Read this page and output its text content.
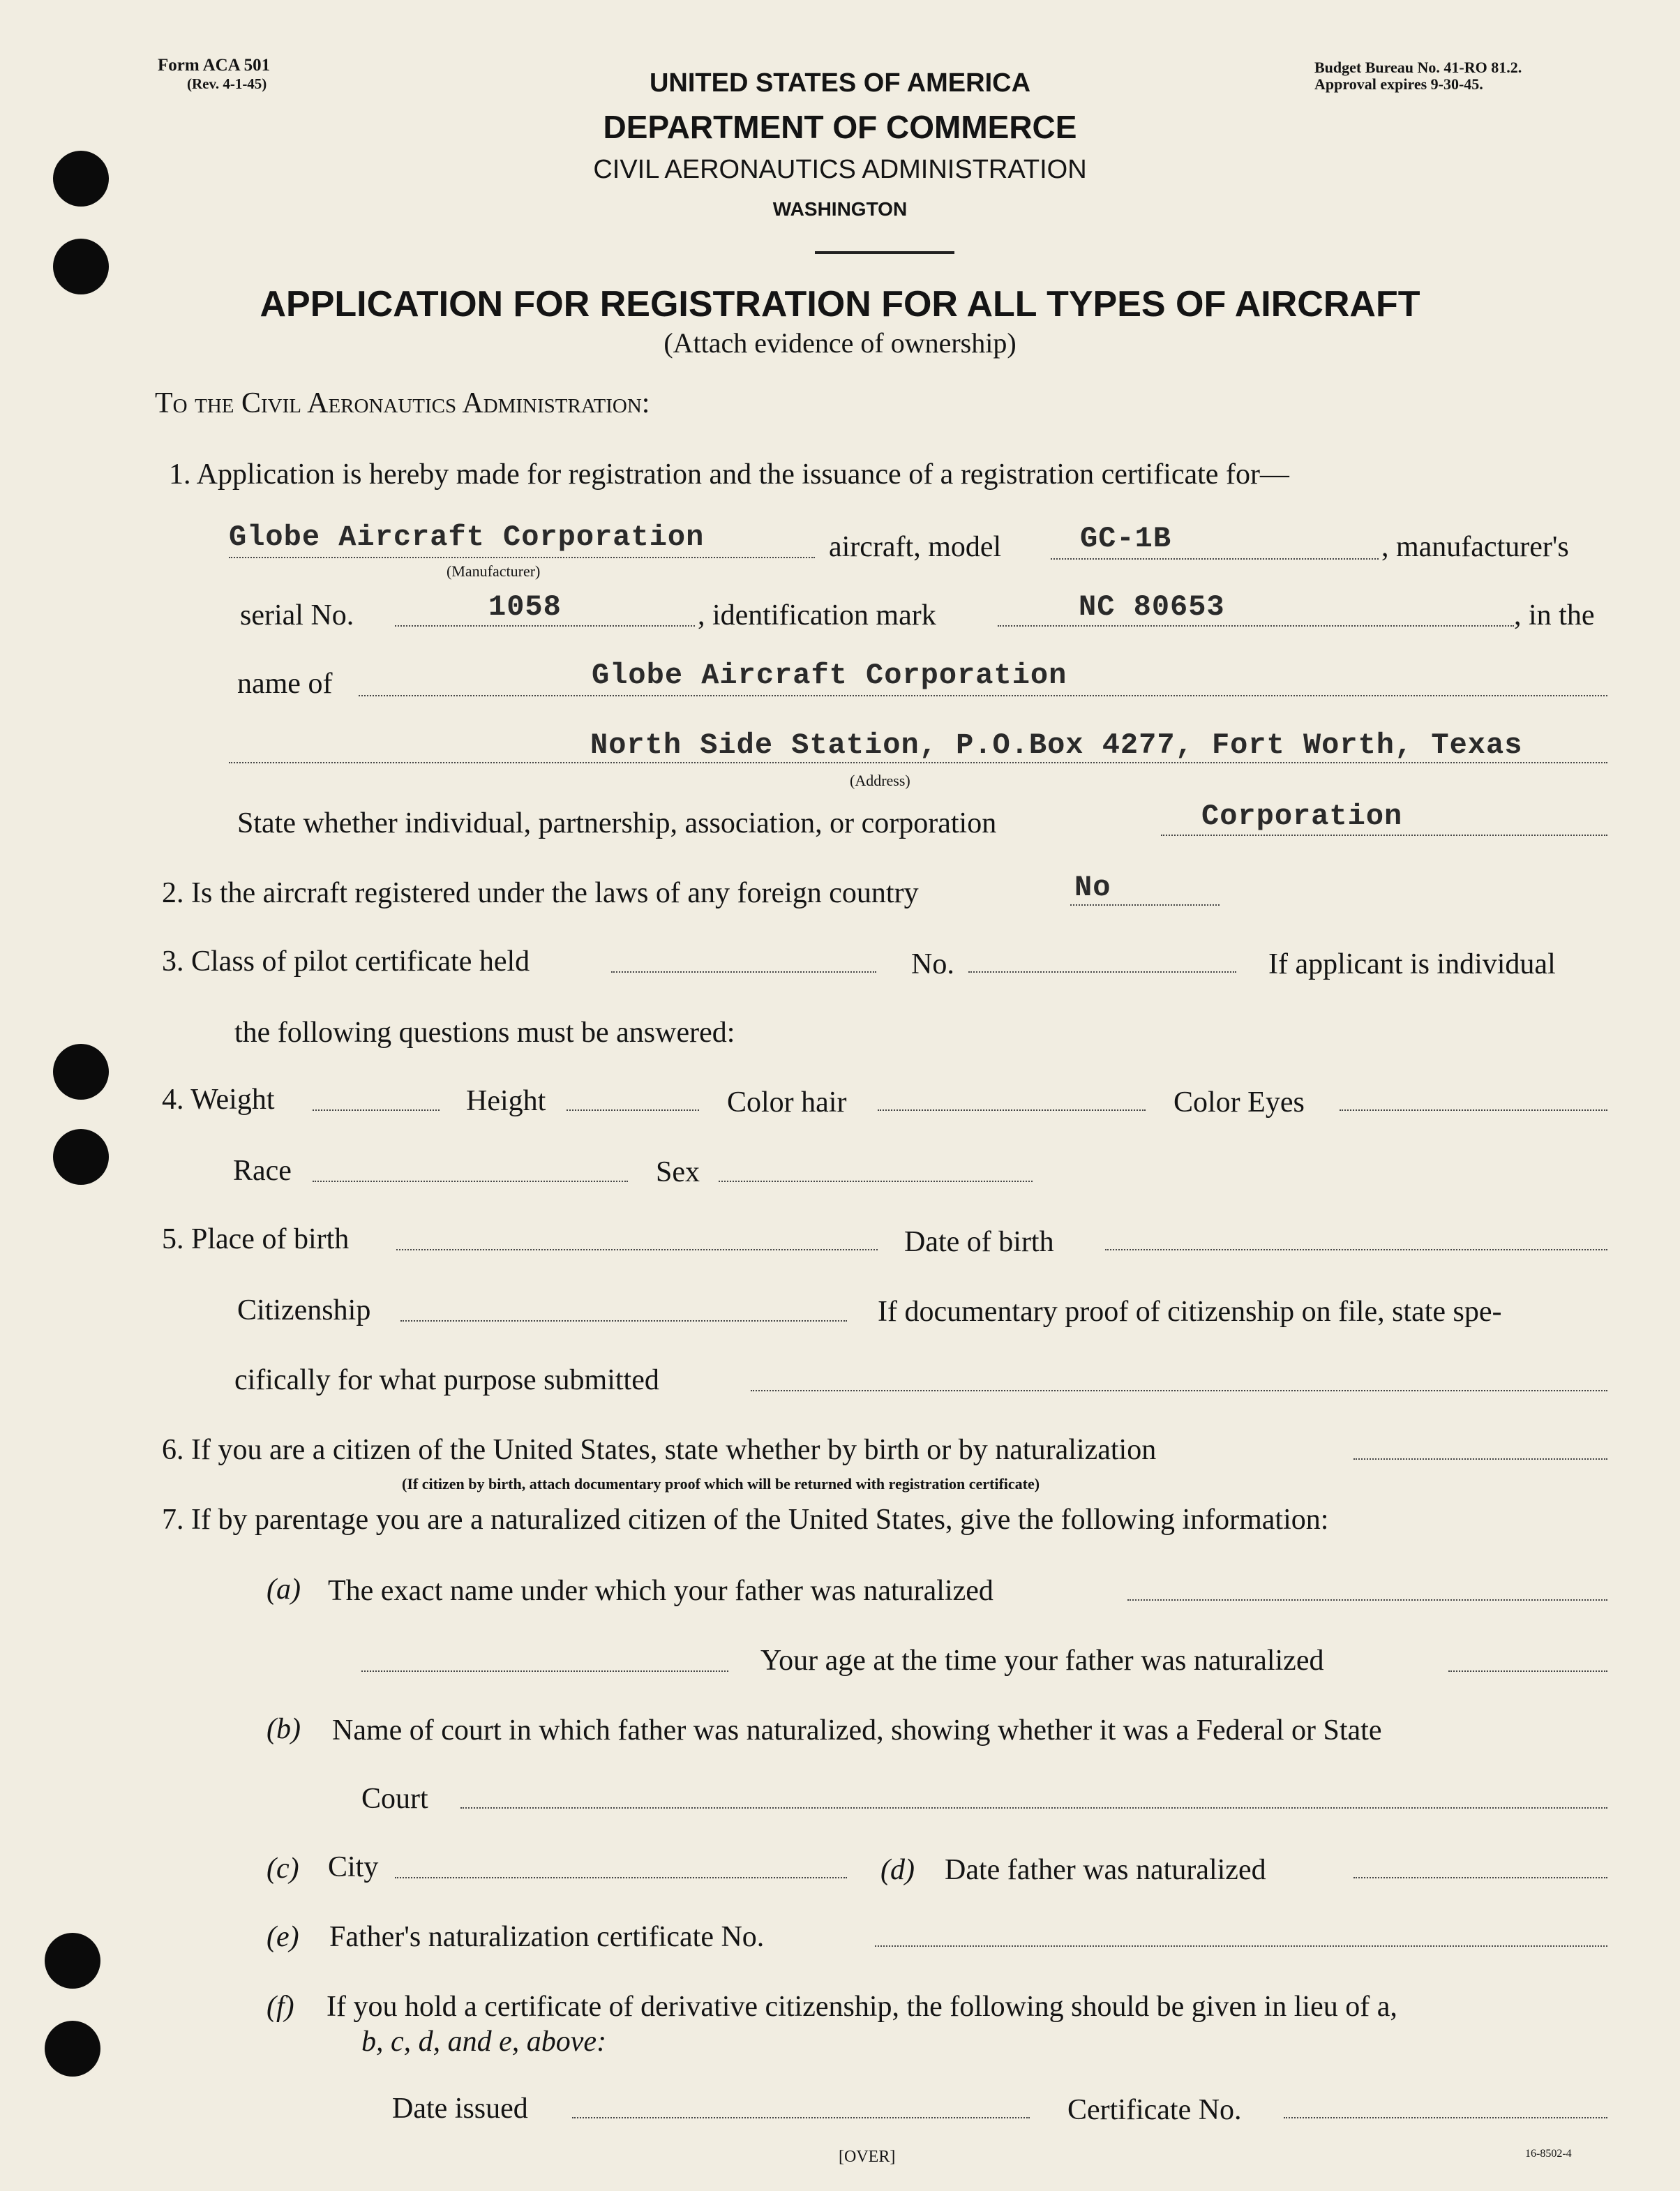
Form ACA 501
(Rev. 4-1-45)
Budget Bureau No. 41-RO 81.2.
Approval expires 9-30-45.
UNITED STATES OF AMERICA
DEPARTMENT OF COMMERCE
CIVIL AERONAUTICS ADMINISTRATION
WASHINGTON
APPLICATION FOR REGISTRATION FOR ALL TYPES OF AIRCRAFT
(Attach evidence of ownership)
To the Civil Aeronautics Administration:
1. Application is hereby made for registration and the issuance of a registration certificate for—
Globe Aircraft Corporation
(Manufacturer)
aircraft, model	GC-1B	, manufacturer's
serial No.	1058	, identification mark	NC 80653	, in the
name of	Globe Aircraft Corporation
North Side Station, P.O.Box 4277, Fort Worth, Texas
(Address)
State whether individual, partnership, association, or corporation	Corporation
2. Is the aircraft registered under the laws of any foreign country	No
3. Class of pilot certificate held	No.	If applicant is individual
the following questions must be answered:
4. Weight	Height	Color hair	Color Eyes
Race	Sex
5. Place of birth	Date of birth
Citizenship	If documentary proof of citizenship on file, state spe-
cifically for what purpose submitted
6. If you are a citizen of the United States, state whether by birth or by naturalization
(If citizen by birth, attach documentary proof which will be returned with registration certificate)
7. If by parentage you are a naturalized citizen of the United States, give the following information:
(a) The exact name under which your father was naturalized
Your age at the time your father was naturalized
(b) Name of court in which father was naturalized, showing whether it was a Federal or State
Court
(c) City	(d) Date father was naturalized
(e) Father's naturalization certificate No.
(f) If you hold a certificate of derivative citizenship, the following should be given in lieu of a,
b, c, d, and e, above:
Date issued	Certificate No.
[OVER]	16-8502-4
